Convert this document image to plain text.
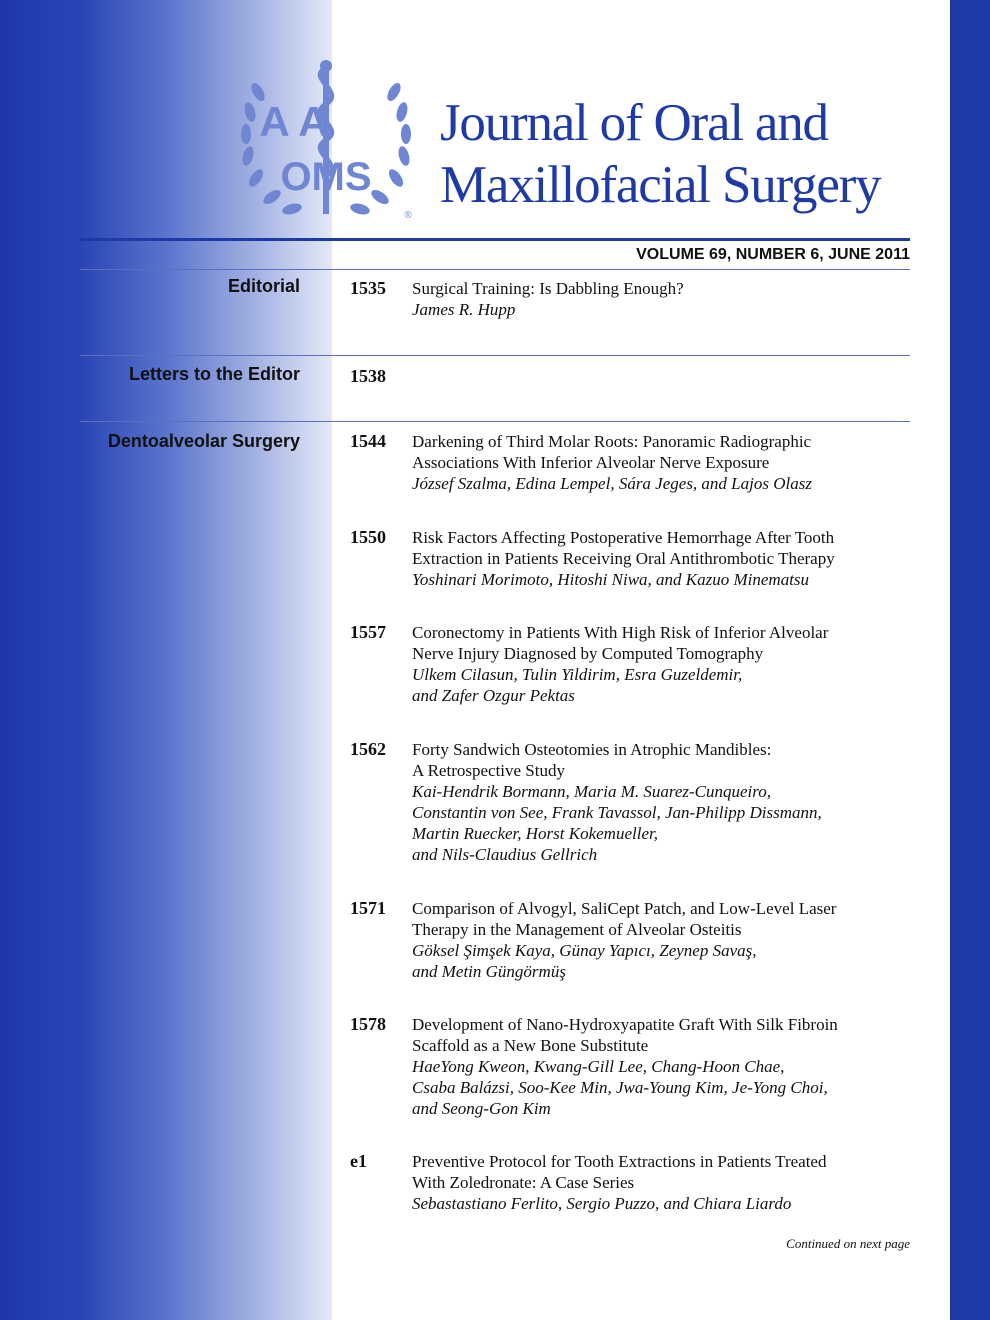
A A
OMS
®
Journal of Oral and
Maxillofacial Surgery
VOLUME 69, NUMBER 6, JUNE 2011
Editorial
Letters to the Editor
Dentoalveolar Surgery
1535 Surgical Training: Is Dabbling Enough?
James R. Hupp
1538
1544 Darkening of Third Molar Roots: Panoramic Radiographic
Associations With Inferior Alveolar Nerve Exposure
József Szalma, Edina Lempel, Sára Jeges, and Lajos Olasz
1550 Risk Factors Affecting Postoperative Hemorrhage After Tooth
Extraction in Patients Receiving Oral Antithrombotic Therapy
Yoshinari Morimoto, Hitoshi Niwa, and Kazuo Minematsu
1557 Coronectomy in Patients With High Risk of Inferior Alveolar
Nerve Injury Diagnosed by Computed Tomography
Ulkem Cilasun, Tulin Yildirim, Esra Guzeldemir,
and Zafer Ozgur Pektas
1562 Forty Sandwich Osteotomies in Atrophic Mandibles:
A Retrospective Study
Kai-Hendrik Bormann, Maria M. Suarez-Cunqueiro,
Constantin von See, Frank Tavassol, Jan-Philipp Dissmann,
Martin Ruecker, Horst Kokemueller,
and Nils-Claudius Gellrich
1571 Comparison of Alvogyl, SaliCept Patch, and Low-Level Laser
Therapy in the Management of Alveolar Osteitis
Göksel Şimşek Kaya, Günay Yapıcı, Zeynep Savaş,
and Metin Güngörmüş
1578 Development of Nano-Hydroxyapatite Graft With Silk Fibroin
Scaffold as a New Bone Substitute
HaeYong Kweon, Kwang-Gill Lee, Chang-Hoon Chae,
Csaba Balázsi, Soo-Kee Min, Jwa-Young Kim, Je-Yong Choi,
and Seong-Gon Kim
e1	Preventive Protocol for Tooth Extractions in Patients Treated
With Zoledronate: A Case Series
Sebastastiano Ferlito, Sergio Puzzo, and Chiara Liardo
Continued on next page
